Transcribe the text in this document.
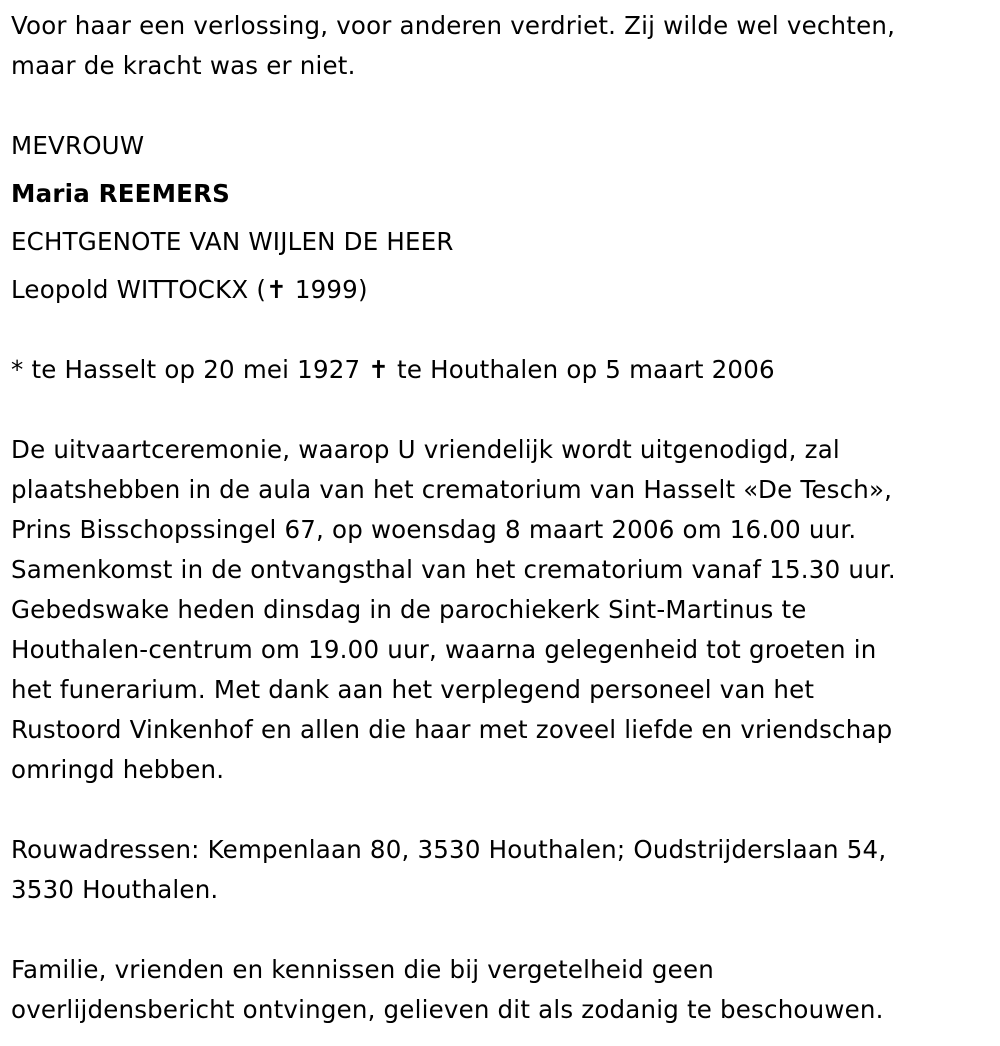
Voor haar een verlossing, voor anderen verdriet. Zij wilde wel vechten,
maar de kracht was er niet.
MEVROUW
Maria REEMERS
ECHTGENOTE VAN WIJLEN DE HEER
Leopold WITTOCKX (✝ 1999)
* te Hasselt op 20 mei 1927 ✝ te Houthalen op 5 maart 2006
De uitvaartceremonie, waarop U vriendelijk wordt uitgenodigd, zal
plaatshebben in de aula van het crematorium van Hasselt «De Tesch»,
Prins Bisschopssingel 67, op woensdag 8 maart 2006 om 16.00 uur.
Samenkomst in de ontvangsthal van het crematorium vanaf 15.30 uur.
Gebedswake heden dinsdag in de parochiekerk Sint-Martinus te
Houthalen-centrum om 19.00 uur, waarna gelegenheid tot groeten in
het funerarium. Met dank aan het verplegend personeel van het
Rustoord Vinkenhof en allen die haar met zoveel liefde en vriendschap
omringd hebben.
Rouwadressen: Kempenlaan 80, 3530 Houthalen; Oudstrijderslaan 54,
3530 Houthalen.
Familie, vrienden en kennissen die bij vergetelheid geen
overlijdensbericht ontvingen, gelieven dit als zodanig te beschouwen.
